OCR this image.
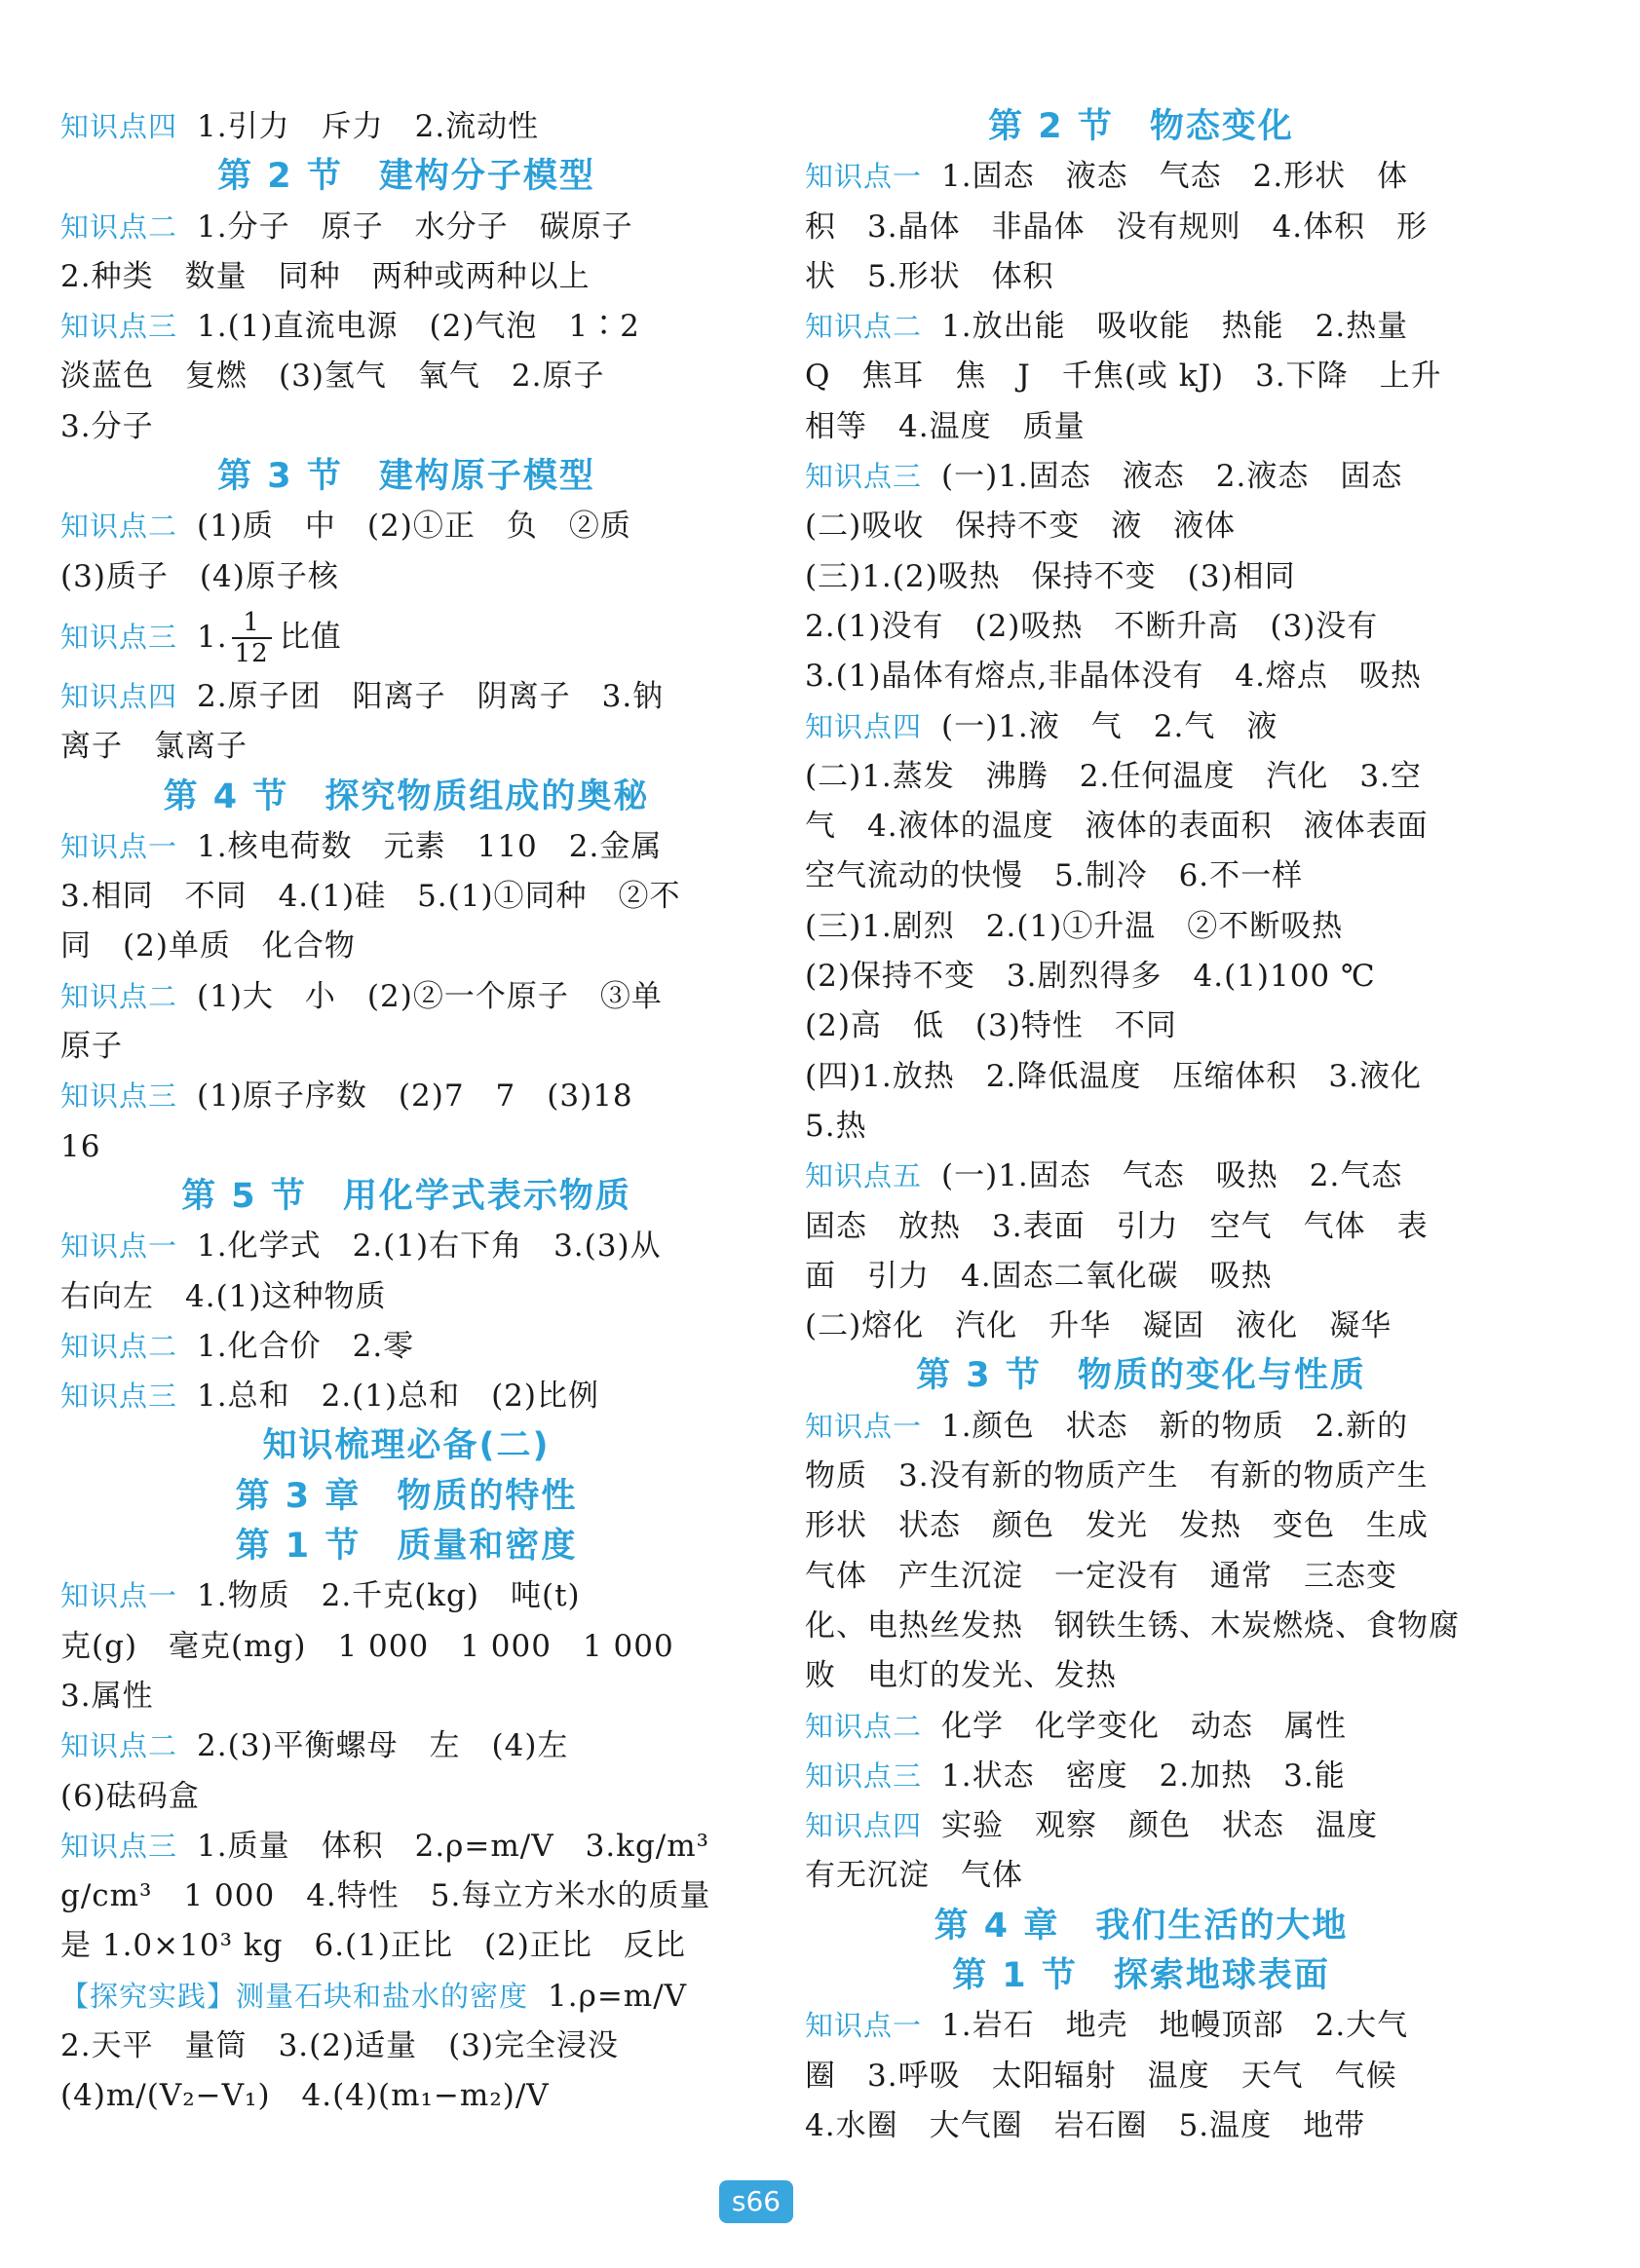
知识点四 1.引力　斥力　2.流动性
第 2 节　建构分子模型
知识点二 1.分子　原子　水分子　碳原子
2.种类　数量　同种　两种或两种以上
知识点三 1.(1)直流电源　(2)气泡　1∶2
淡蓝色　复燃　(3)氢气　氧气　2.原子
3.分子
第 3 节　建构原子模型
知识点二 (1)质　中　(2)①正　负　②质
(3)质子　(4)原子核
知识点三 1. $\frac{1}{12}$ 比值
知识点四 2.原子团　阳离子　阴离子　3.钠
离子　氯离子
第 4 节　探究物质组成的奥秘
知识点一 1.核电荷数　元素　110　2.金属
3.相同　不同　4.(1)硅　5.(1)①同种　②不
同　(2)单质　化合物
知识点二 (1)大　小　(2)②一个原子　③单
原子
知识点三 (1)原子序数　(2)7　7　(3)18
16
第 5 节　用化学式表示物质
知识点一 1.化学式　2.(1)右下角　3.(3)从
右向左　4.(1)这种物质
知识点二 1.化合价　2.零
知识点三 1.总和　2.(1)总和　(2)比例
知识梳理必备(二)
第 3 章　物质的特性
第 1 节　质量和密度
知识点一 1.物质　2.千克(kg)　吨(t)
克(g)　毫克(mg)　1 000　1 000　1 000
3.属性
知识点二 2.(3)平衡螺母　左　(4)左
(6)砝码盒
知识点三 1.质量　体积　2.ρ=m/V　3.kg/m³
g/cm³　1 000　4.特性　5.每立方米水的质量
是 1.0×10³ kg　6.(1)正比　(2)正比　反比
【探究实践】测量石块和盐水的密度 1.ρ=m/V
2.天平　量筒　3.(2)适量　(3)完全浸没
(4)m/(V₂−V₁)　4.(4)(m₁−m₂)/V
第 2 节　物态变化
知识点一 1.固态　液态　气态　2.形状　体
积　3.晶体　非晶体　没有规则　4.体积　形
状　5.形状　体积
知识点二 1.放出能　吸收能　热能　2.热量
Q　焦耳　焦　J　千焦(或 kJ)　3.下降　上升
相等　4.温度　质量
知识点三 (一)1.固态　液态　2.液态　固态
(二)吸收　保持不变　液　液体
(三)1.(2)吸热　保持不变　(3)相同
2.(1)没有　(2)吸热　不断升高　(3)没有
3.(1)晶体有熔点,非晶体没有　4.熔点　吸热
知识点四 (一)1.液　气　2.气　液
(二)1.蒸发　沸腾　2.任何温度　汽化　3.空
气　4.液体的温度　液体的表面积　液体表面
空气流动的快慢　5.制冷　6.不一样
(三)1.剧烈　2.(1)①升温　②不断吸热
(2)保持不变　3.剧烈得多　4.(1)100 ℃
(2)高　低　(3)特性　不同
(四)1.放热　2.降低温度　压缩体积　3.液化
5.热
知识点五 (一)1.固态　气态　吸热　2.气态
固态　放热　3.表面　引力　空气　气体　表
面　引力　4.固态二氧化碳　吸热
(二)熔化　汽化　升华　凝固　液化　凝华
第 3 节　物质的变化与性质
知识点一 1.颜色　状态　新的物质　2.新的
物质　3.没有新的物质产生　有新的物质产生
形状　状态　颜色　发光　发热　变色　生成
气体　产生沉淀　一定没有　通常　三态变
化、电热丝发热　钢铁生锈、木炭燃烧、食物腐
败　电灯的发光、发热
知识点二 化学　化学变化　动态　属性
知识点三 1.状态　密度　2.加热　3.能
知识点四 实验　观察　颜色　状态　温度
有无沉淀　气体
第 4 章　我们生活的大地
第 1 节　探索地球表面
知识点一 1.岩石　地壳　地幔顶部　2.大气
圈　3.呼吸　太阳辐射　温度　天气　气候
4.水圈　大气圈　岩石圈　5.温度　地带
s66
